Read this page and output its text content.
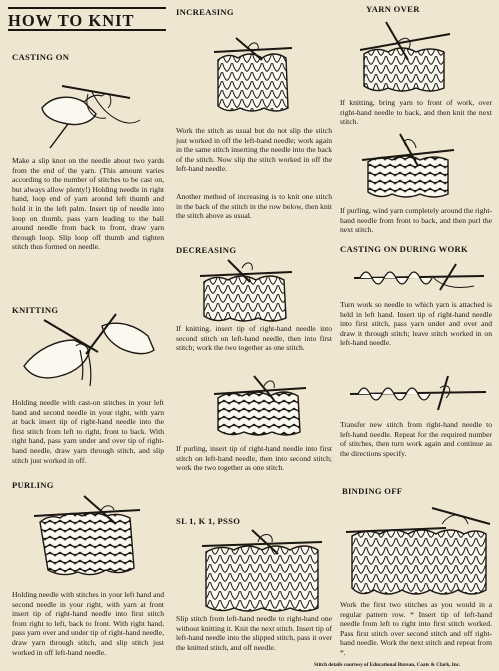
HOW TO KNIT
CASTING ON

Make a slip knot on the needle about two yards from the end of the yarn. (This amount varies according to the number of stitches to be cast on, but always allow plenty!) Holding needle in right hand, loop end of yarn around left thumb and hold it in the left palm. Insert tip of needle into loop on thumb, pass yarn leading to the ball around needle from back to front, draw yarn through loop. Slip loop off thumb and tighten stitch thus formed on needle.

KNITTING

Holding needle with cast-on stitches in your left hand and second needle in your right, with yarn at back insert tip of right-hand needle into the first stitch from left to right, front to back. With right hand, pass yarn under and over tip of right-hand needle, draw yarn through stitch, and slip stitch just worked in off.

PURLING

Holding needle with stitches in your left hand and second needle in your right, with yarn at front insert tip of right-hand needle into first stitch from right to left, back to front. With right hand, pass yarn over and under tip of right-hand needle, draw yarn through stitch, and slip stitch just worked in off left-hand needle.

INCREASING

Work the stitch as usual but do not slip the stitch just worked in off the left-hand needle; work again in the same stitch inserting the needle into the back of the stitch. Now slip the stitch worked in off the left-hand needle.

Another method of increasing is to knit one stitch in the back of the stitch in the row below, then knit the stitch above as usual.

DECREASING

If knitting, insert tip of right-hand needle into second stitch on left-hand needle, then into first stitch; work the two together as one stitch.

If purling, insert tip of right-hand needle into first stitch on left-hand needle, then into second stitch; work the two together as one stitch.

SL 1, K 1, PSSO

Slip stitch from left-hand needle to right-hand one without knitting it. Knit the next stitch. Insert tip of left-hand needle into the slipped stitch, pass it over the knitted stitch, and off needle.

YARN OVER

If knitting, bring yarn to front of work, over right-hand needle to back, and then knit the next stitch.

If purling, wind yarn completely around the right-hand needle from front to back, and then purl the next stitch.

CASTING ON DURING WORK

Turn work so needle to which yarn is attached is held in left hand. Insert tip of right-hand needle into first stitch, pass yarn under and over and draw it through stitch; leave stitch worked in on left-hand needle.

Transfer new stitch from right-hand needle to left-hand needle. Repeat for the required number of stitches, then turn work again and continue as the directions specify.

BINDING OFF

Work the first two stitches as you would in a regular pattern row. * Insert tip of left-hand needle from left to right into first stitch worked. Pass first stitch over second stitch and off right-hand needle. Work the next stitch and repeat from *.

Stitch details courtesy of Educational Bureau, Coats & Clark, Inc.
